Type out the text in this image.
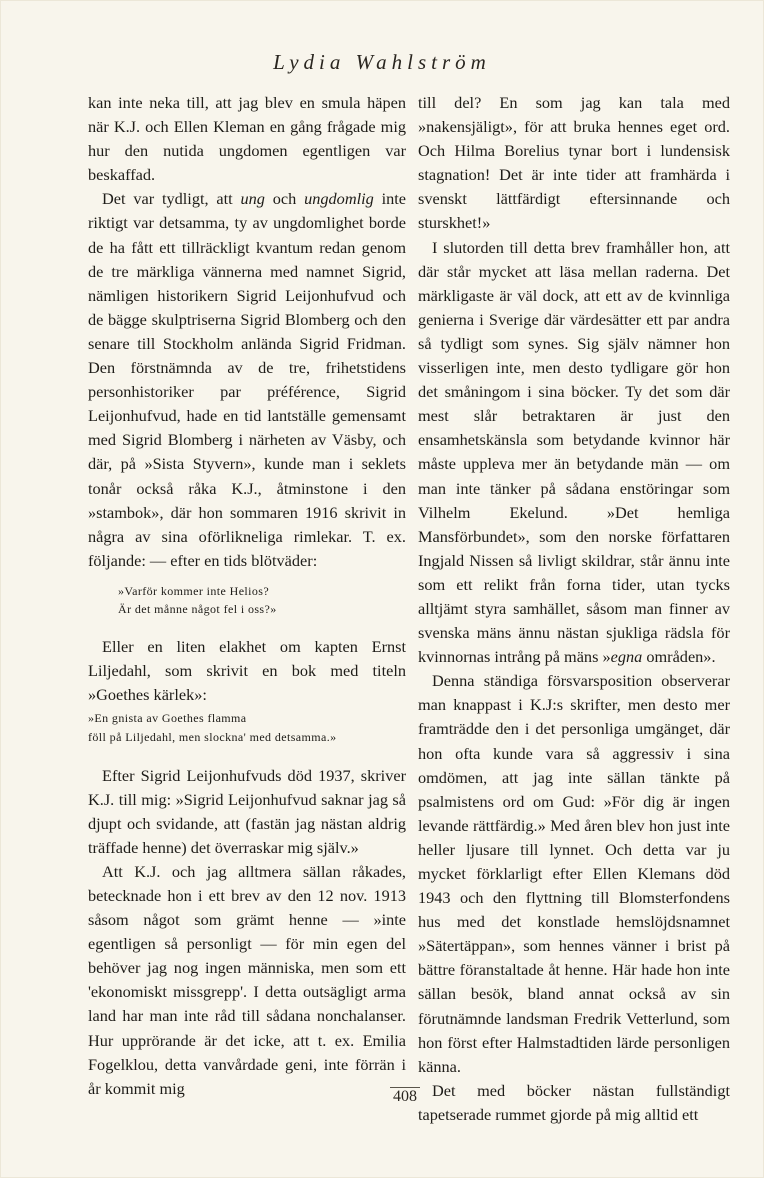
Lydia Wahlström

kan inte neka till, att jag blev en smula häpen när K.J. och Ellen Kleman en gång frågade mig hur den nutida ungdomen egentligen var beskaffad.

Det var tydligt, att ung och ungdomlig inte riktigt var detsamma, ty av ungdomlighet borde de ha fått ett tillräckligt kvantum redan genom de tre märkliga vännerna med namnet Sigrid, nämligen historikern Sigrid Leijonhufvud och de bägge skulptriserna Sigrid Blomberg och den senare till Stockholm anlända Sigrid Fridman. Den förstnämnda av de tre, frihetstidens personhistoriker par préférence, Sigrid Leijonhufvud, hade en tid lantställe gemensamt med Sigrid Blomberg i närheten av Väsby, och där, på »Sista Styvern», kunde man i seklets tonår också råka K.J., åtminstone i den »stambok», där hon sommaren 1916 skrivit in några av sina oförlikneliga rimlekar. T. ex. följande: — efter en tids blötväder:

»Varför kommer inte Helios?
Är det månne något fel i oss?»

Eller en liten elakhet om kapten Ernst Liljedahl, som skrivit en bok med titeln »Goethes kärlek»:

»En gnista av Goethes flamma
föll på Liljedahl, men slockna' med detsamma.»

Efter Sigrid Leijonhufvuds död 1937, skriver K.J. till mig: »Sigrid Leijonhufvud saknar jag så djupt och svidande, att (fastän jag nästan aldrig träffade henne) det överraskar mig själv.»

Att K.J. och jag alltmera sällan råkades, betecknade hon i ett brev av den 12 nov. 1913 såsom något som grämt henne — »inte egentligen så personligt — för min egen del behöver jag nog ingen människa, men som ett 'ekonomiskt missgrepp'. I detta outsägligt arma land har man inte råd till sådana nonchalanser. Hur upprörande är det icke, att t. ex. Emilia Fogelklou, detta vanvårdade geni, inte förrän i år kommit mig

till del? En som jag kan tala med »nakensjäligt», för att bruka hennes eget ord. Och Hilma Borelius tynar bort i lundensisk stagnation! Det är inte tider att framhärda i svenskt lättfärdigt eftersinnande och sturskhet!»

I slutorden till detta brev framhåller hon, att där står mycket att läsa mellan raderna. Det märkligaste är väl dock, att ett av de kvinnliga genierna i Sverige där värdesätter ett par andra så tydligt som synes. Sig själv nämner hon visserligen inte, men desto tydligare gör hon det småningom i sina böcker. Ty det som där mest slår betraktaren är just den ensamhetskänsla som betydande kvinnor här måste uppleva mer än betydande män — om man inte tänker på sådana enstöringar som Vilhelm Ekelund. »Det hemliga Mansförbundet», som den norske författaren Ingjald Nissen så livligt skildrar, står ännu inte som ett relikt från forna tider, utan tycks alltjämt styra samhället, såsom man finner av svenska mäns ännu nästan sjukliga rädsla för kvinnornas intrång på mäns »egna områden».

Denna ständiga försvarsposition observerar man knappast i K.J:s skrifter, men desto mer framträdde den i det personliga umgänget, där hon ofta kunde vara så aggressiv i sina omdömen, att jag inte sällan tänkte på psalmistens ord om Gud: »För dig är ingen levande rättfärdig.» Med åren blev hon just inte heller ljusare till lynnet. Och detta var ju mycket förklarligt efter Ellen Klemans död 1943 och den flyttning till Blomsterfondens hus med det konstlade hemslöjdsnamnet »Sätertäppan», som hennes vänner i brist på bättre föranstaltade åt henne. Här hade hon inte sällan besök, bland annat också av sin förutnämnde landsman Fredrik Vetterlund, som hon först efter Halmstadtiden lärde personligen känna.

Det med böcker nästan fullständigt tapetserade rummet gjorde på mig alltid ett

408
